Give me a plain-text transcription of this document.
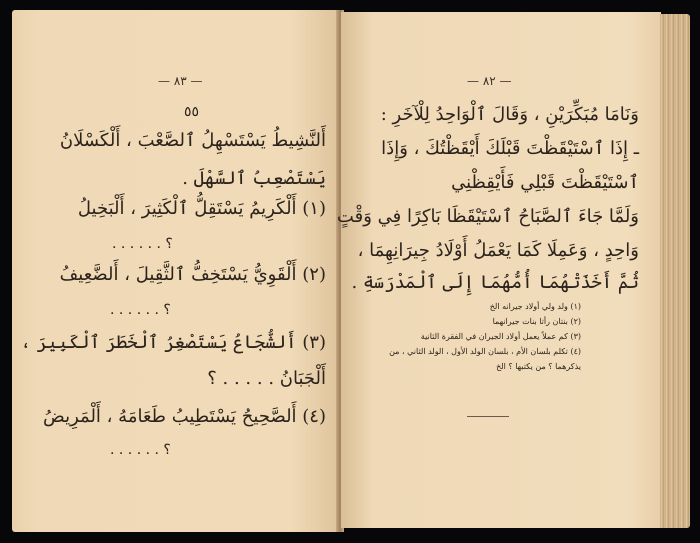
— ٨٣ —
٥٥
أَلنَّشِيطُ يَسْتَسْهِلُ ٱلصَّعْبَ ، أَلْكَسْلَانُ
يَسْتَصْعِبُ ٱلسَّهْلَ .
(١) أَلْكَرِيمُ يَسْتَقِلُّ ٱلْكَثِيرَ ، أَلْبَخِيلُ
؟ . . . . . .
(٢) أَلْقَوِيُّ يَسْتَخِفُّ ٱلثَّقِيلَ ، أَلضَّعِيفُ
؟ . . . . . .
(٣) أَلشُّجَاعُ يَسْتَصْغِرُ ٱلْخَطَرَ ٱلْكَبِيرَ ،
أَلْجَبَانُ . . . . . ؟
(٤) أَلصَّحِيحُ يَسْتَطِيبُ طَعَامَهُ ، أَلْمَرِيضُ
؟ . . . . . .
— ٨٢ —
وَنَامَا مُبَكِّرَيْنِ ، وَقَالَ ٱلْوَاحِدُ لِلْآخَرِ :
ـ إِذَا ٱسْتَيْقَظْتَ قَبْلَكَ أَيْقَظْتُكَ ، وَإِذَا
ٱسْتَيْقَظْتَ قَبْلِي فَأَيْقِظْنِي
وَلَمَّا جَاءَ ٱلصَّبَاحُ ٱسْتَيْقَظَا بَاكِرًا فِي وَقْتٍ
وَاحِدٍ ، وَعَمِلَا كَمَا يَعْمَلُ أَوْلَادُ جِيرَانِهِمَا ،
ثُمَّ أَخَذَتْهُمَا أُمُّهُمَا إِلَى ٱلْمَدْرَسَةِ .
(١) ولد ولي أولاد جيرانه الخ
(٢) بنتان رأتا بنات جيرانهما
(٣) كم عملاً يعمل أولاد الجيران في الفقرة الثانية
(٤) تكلم بلسان الأم ، بلسان الولد الأول ، الولد الثاني ، من
يذكرهما ؟ من يكتبها ؟ الخ
